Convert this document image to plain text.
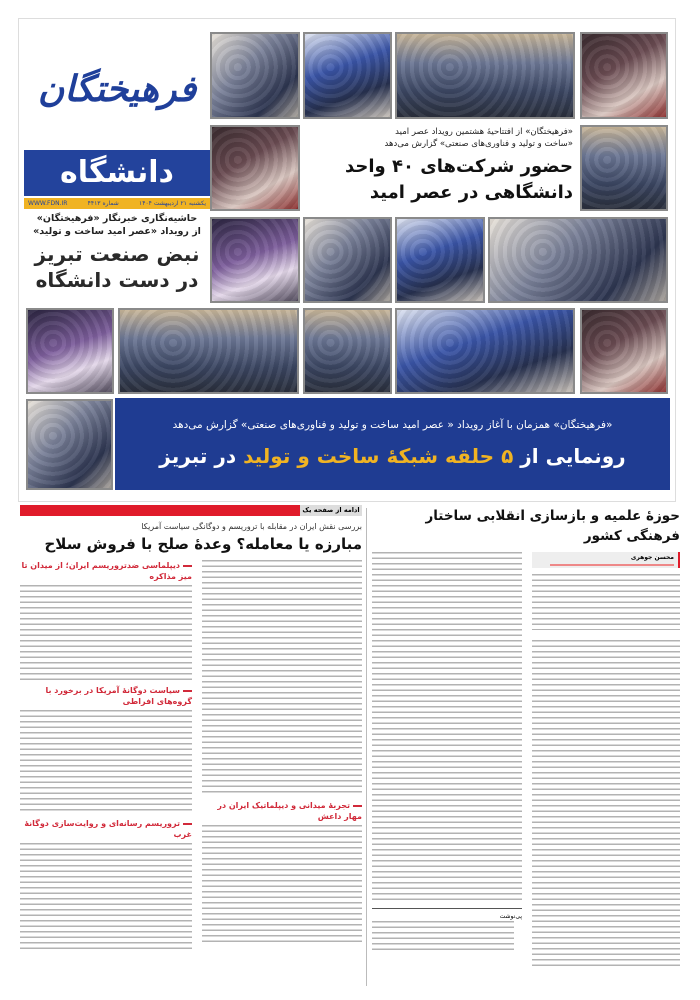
فرهیختگان
دانشگاه
یکشنبه ۲۱ اردیبهشت ۱۴۰۴
شماره ۴۴۱۳
WWW.FDN.IR
حاشیه‌نگاری خبرنگار «فرهیختگان»
از رویداد «عصر امید ساخت و تولید»
نبض صنعت تبریز
در دست دانشگاه
«فرهیختگان» از افتتاحیهٔ هشتمین رویداد عصر امید
«ساخت و تولید و فناوری‌های صنعتی» گزارش می‌دهد
حضور شرکت‌های ۴۰ واحد
دانشگاهی در عصر امید
«فرهیختگان» همزمان با آغاز رویداد « عصر امید ساخت و تولید و فناوری‌های صنعتی» گزارش می‌دهد
رونمایی از ۵ حلقه شبکهٔ ساخت و تولید در تبریز
ادامه از صفحه یک
بررسی نقش ایران در مقابله با تروریسم و دوگانگی سیاست آمریکا
مبارزه یا معامله؟ وعدهٔ صلح با فروش سلاح
تجربهٔ میدانی و دیپلماتیک ایران در مهار داعش
دیپلماسی ضدتروریسم ایران؛ از میدان تا میز مذاکره
سیاست دوگانهٔ آمریکا در برخورد با گروه‌های افراطی
تروریسم رسانه‌ای و روایت‌سازی دوگانهٔ غرب
حوزهٔ علمیه و بازسازی انقلابی ساختار فرهنگی کشور
محسن جوهری
پی‌نوشت
